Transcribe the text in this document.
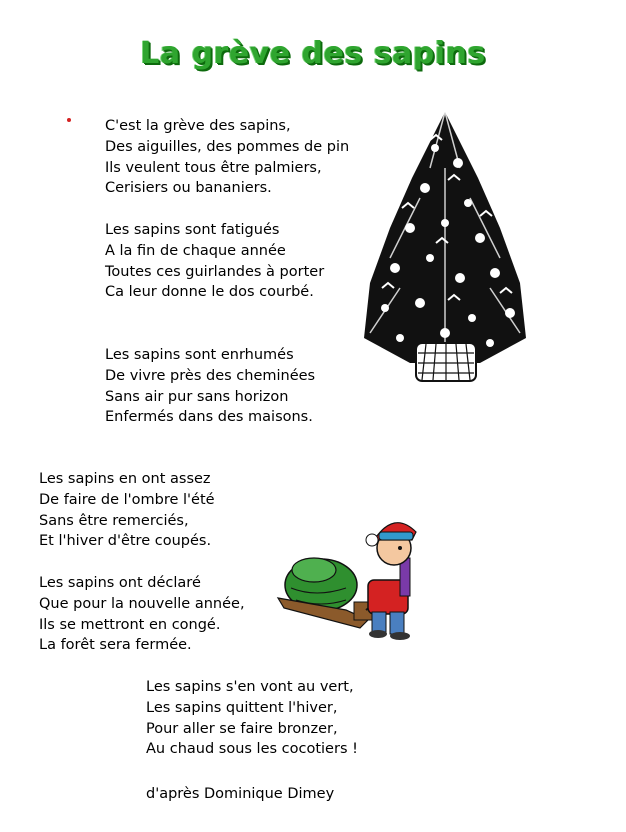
La grève des sapins
C'est la grève des sapins,
Des aiguilles, des pommes de pin
Ils veulent tous être palmiers,
Cerisiers ou bananiers.
Les sapins sont fatigués
A la fin de chaque année
Toutes ces guirlandes à porter
Ca leur donne le dos courbé.
Les sapins sont enrhumés
De vivre près des cheminées
Sans air pur sans horizon
Enfermés dans des maisons.
Les sapins en ont assez
De faire de l'ombre l'été
Sans être remerciés,
Et l'hiver d'être coupés.
Les sapins ont déclaré
Que pour la nouvelle année,
Ils se mettront en congé.
La forêt sera fermée.
Les sapins s'en vont au vert,
Les sapins quittent l'hiver,
Pour aller se faire bronzer,
Au chaud sous les cocotiers !
d'après Dominique Dimey
